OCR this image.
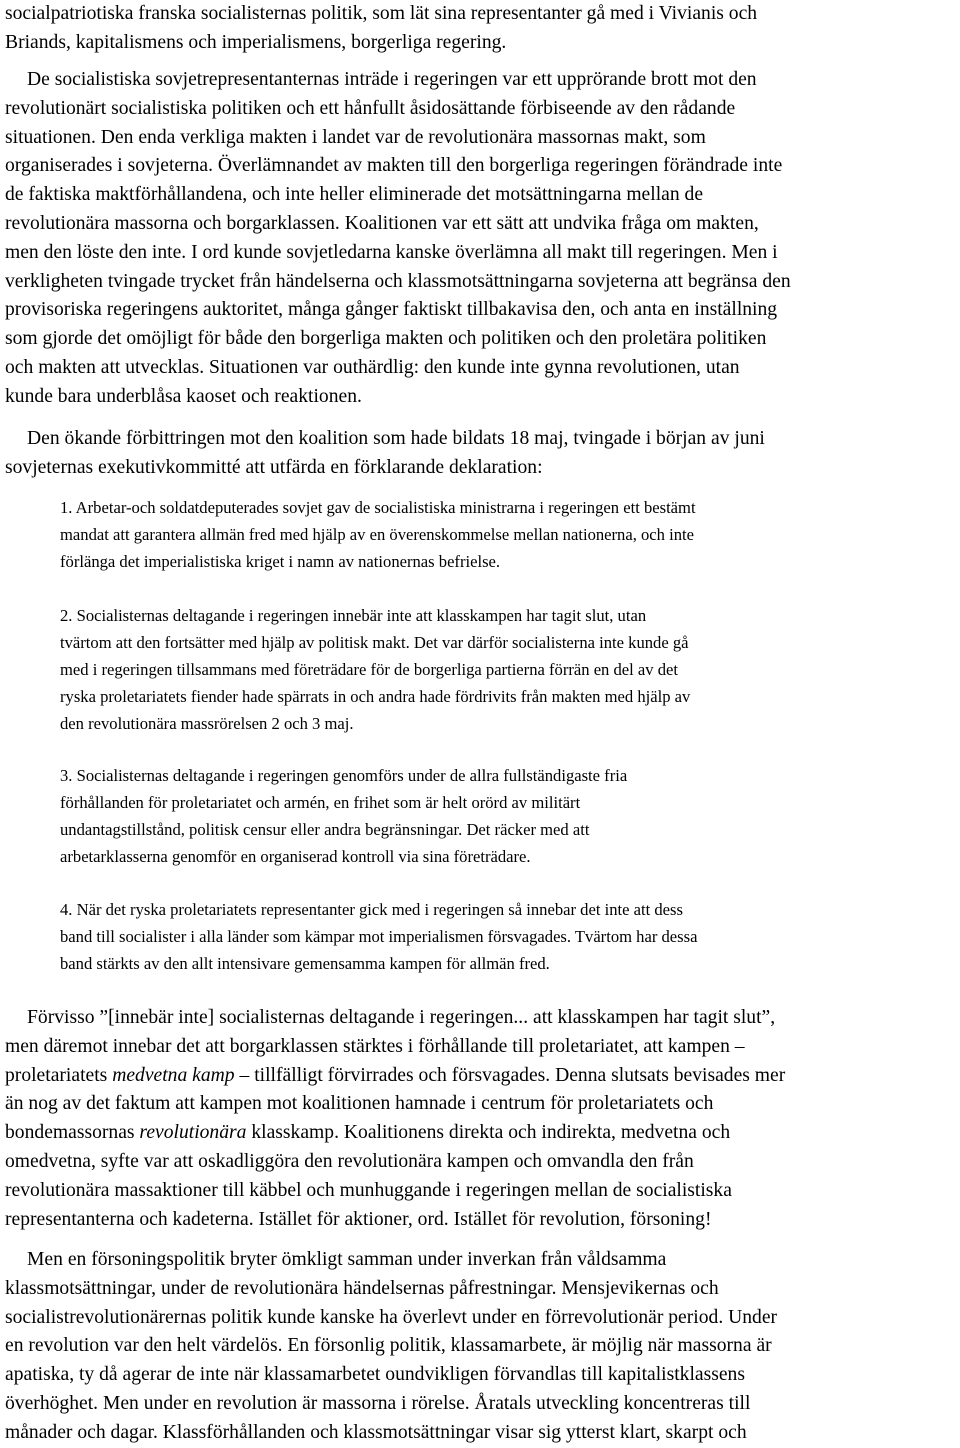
socialpatriotiska franska socialisternas politik, som lät sina representanter gå med i Vivianis och
Briands, kapitalismens och imperialismens, borgerliga regering.
De socialistiska sovjetrepresentanternas inträde i regeringen var ett upprörande brott mot den
revolutionärt socialistiska politiken och ett hånfullt åsidosättande förbiseende av den rådande
situationen. Den enda verkliga makten i landet var de revolutionära massornas makt, som
organiserades i sovjeterna. Överlämnandet av makten till den borgerliga regeringen förändrade inte
de faktiska maktförhållandena, och inte heller eliminerade det motsättningarna mellan de
revolutionära massorna och borgarklassen. Koalitionen var ett sätt att undvika fråga om makten,
men den löste den inte. I ord kunde sovjetledarna kanske överlämna all makt till regeringen. Men i
verkligheten tvingade trycket från händelserna och klassmotsättningarna sovjeterna att begränsa den
provisoriska regeringens auktoritet, många gånger faktiskt tillbakavisa den, och anta en inställning
som gjorde det omöjligt för både den borgerliga makten och politiken och den proletära politiken
och makten att utvecklas. Situationen var outhärdlig: den kunde inte gynna revolutionen, utan
kunde bara underblåsa kaoset och reaktionen.
Den ökande förbittringen mot den koalition som hade bildats 18 maj, tvingade i början av juni
sovjeternas exekutivkommitté att utfärda en förklarande deklaration:
1. Arbetar-och soldatdeputerades sovjet gav de socialistiska ministrarna i regeringen ett bestämt
mandat att garantera allmän fred med hjälp av en överenskommelse mellan nationerna, och inte
förlänga det imperialistiska kriget i namn av nationernas befrielse.
2. Socialisternas deltagande i regeringen innebär inte att klasskampen har tagit slut, utan
tvärtom att den fortsätter med hjälp av politisk makt. Det var därför socialisterna inte kunde gå
med i regeringen tillsammans med företrädare för de borgerliga partierna förrän en del av det
ryska proletariatets fiender hade spärrats in och andra hade fördrivits från makten med hjälp av
den revolutionära massrörelsen 2 och 3 maj.
3. Socialisternas deltagande i regeringen genomförs under de allra fullständigaste fria
förhållanden för proletariatet och armén, en frihet som är helt orörd av militärt
undantagstillstånd, politisk censur eller andra begränsningar. Det räcker med att
arbetarklasserna genomför en organiserad kontroll via sina företrädare.
4. När det ryska proletariatets representanter gick med i regeringen så innebar det inte att dess
band till socialister i alla länder som kämpar mot imperialismen försvagades. Tvärtom har dessa
band stärkts av den allt intensivare gemensamma kampen för allmän fred.
Förvisso ”[innebär inte] socialisternas deltagande i regeringen... att klasskampen har tagit slut”,
men däremot innebar det att borgarklassen stärktes i förhållande till proletariatet, att kampen –
proletariatets medvetna kamp – tillfälligt förvirrades och försvagades. Denna slutsats bevisades mer
än nog av det faktum att kampen mot koalitionen hamnade i centrum för proletariatets och
bondemassornas revolutionära klasskamp. Koalitionens direkta och indirekta, medvetna och
omedvetna, syfte var att oskadliggöra den revolutionära kampen och omvandla den från
revolutionära massaktioner till käbbel och munhuggande i regeringen mellan de socialistiska
representanterna och kadeterna. Istället för aktioner, ord. Istället för revolution, försoning!
Men en försoningspolitik bryter ömkligt samman under inverkan från våldsamma
klassmotsättningar, under de revolutionära händelsernas påfrestningar. Mensjevikernas och
socialistrevolutionärernas politik kunde kanske ha överlevt under en förrevolutionär period. Under
en revolution var den helt värdelös. En försonlig politik, klassamarbete, är möjlig när massorna är
apatiska, ty då agerar de inte när klassamarbetet oundvikligen förvandlas till kapitalistklassens
överhöghet. Men under en revolution är massorna i rörelse. Åratals utveckling koncentreras till
månader och dagar. Klassförhållanden och klassmotsättningar visar sig ytterst klart, skarpt och
